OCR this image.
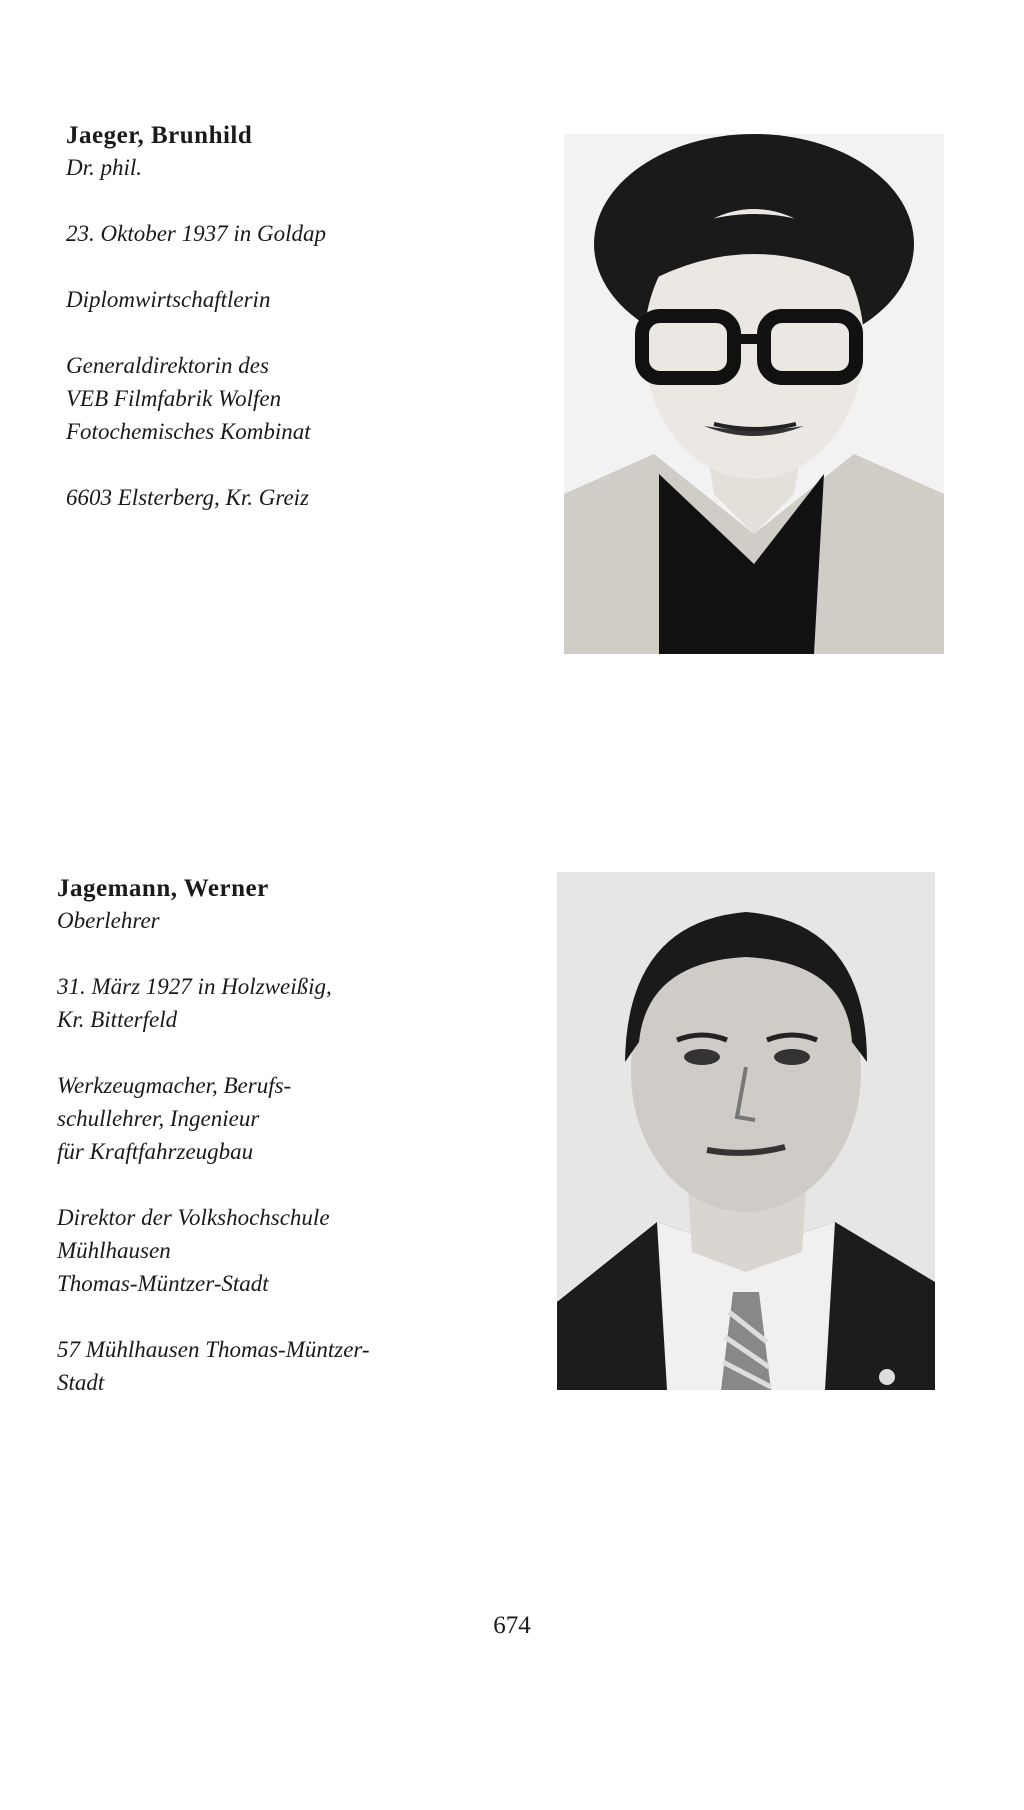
Jaeger, Brunhild
Dr. phil.
23. Oktober 1937 in Goldap
Diplomwirtschaftlerin
Generaldirektorin des
VEB Filmfabrik Wolfen
Fotochemisches Kombinat
6603 Elsterberg, Kr. Greiz
Jagemann, Werner
Oberlehrer
31. März 1927 in Holzweißig,
Kr. Bitterfeld
Werkzeugmacher, Berufs-
schullehrer, Ingenieur
für Kraftfahrzeugbau
Direktor der Volkshochschule
Mühlhausen
Thomas-Müntzer-Stadt
57 Mühlhausen Thomas-Müntzer-
Stadt
674
